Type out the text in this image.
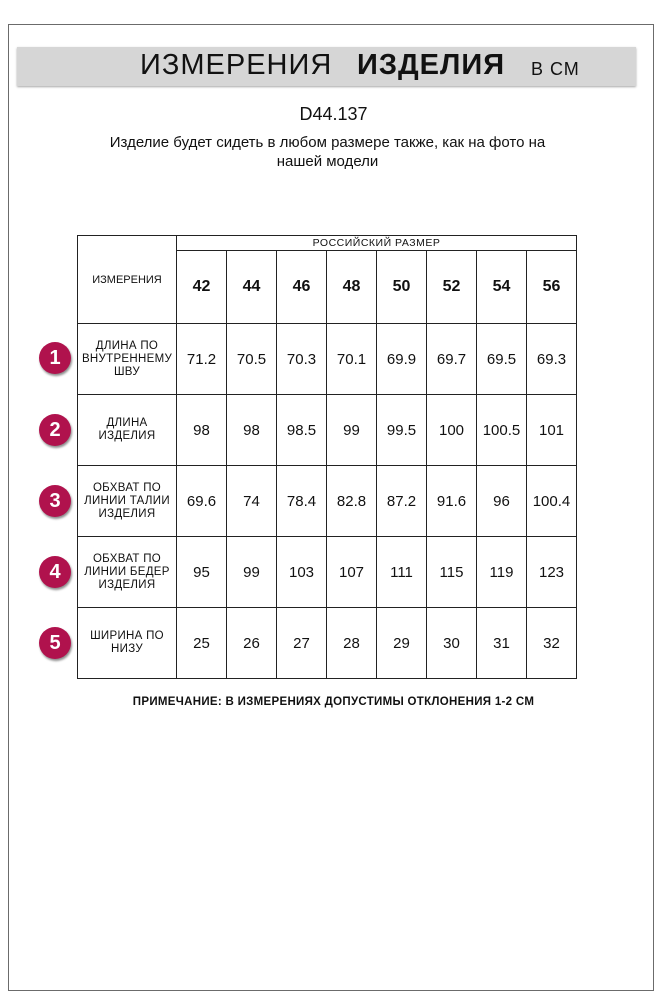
ИЗМЕРЕНИЯ ИЗДЕЛИЯ В СМ
D44.137
Изделие будет сидеть в любом размере также, как на фото на нашей модели
ИЗМЕРЕНИЯ	РОССИЙСКИЙ РАЗМЕР							
	42	44	46	48	50	52	54	56
ДЛИНА ПО ВНУТРЕННЕМУ ШВУ	71.2	70.5	70.3	70.1	69.9	69.7	69.5	69.3
ДЛИНА ИЗДЕЛИЯ	98	98	98.5	99	99.5	100	100.5	101
ОБХВАТ ПО ЛИНИИ ТАЛИИ ИЗДЕЛИЯ	69.6	74	78.4	82.8	87.2	91.6	96	100.4
ОБХВАТ ПО ЛИНИИ БЕДЕР ИЗДЕЛИЯ	95	99	103	107	111	115	119	123
ШИРИНА ПО НИЗУ	25	26	27	28	29	30	31	32
1
2
3
4
5
ПРИМЕЧАНИЕ: В ИЗМЕРЕНИЯХ ДОПУСТИМЫ ОТКЛОНЕНИЯ 1-2 СМ
